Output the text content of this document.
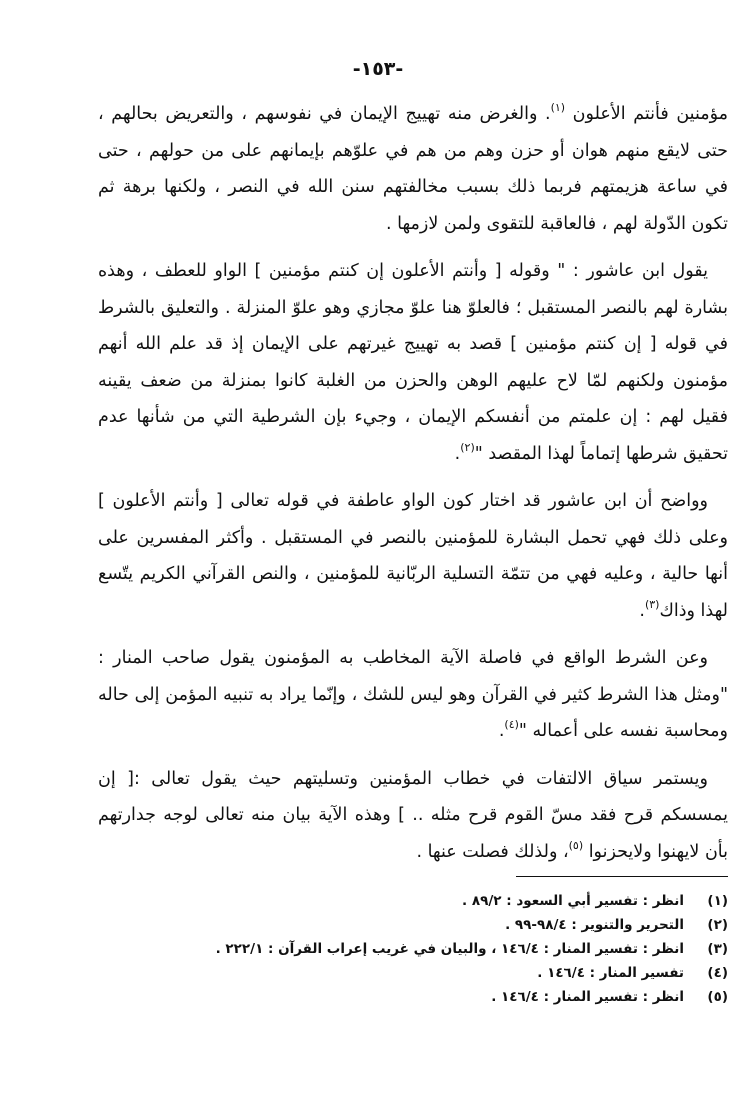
-١٥٣-

مؤمنين فأنتم الأعلون $^{(١)}$. والغرض منه تهييج الإيمان في نفوسهم ، والتعريض بحالهم ، حتى لايقع منهم هوان أو حزن وهم من هم في علوّهم بإيمانهم على من حولهم ، حتى في ساعة هزيمتهم فربما ذلك بسبب مخالفتهم سنن الله في النصر ، ولكنها برهة ثم تكون الدّولة لهم ، فالعاقبة للتقوى ولمن لازمها .

يقول ابن عاشور : " وقوله [ وأنتم الأعلون إن كنتم مؤمنين ] الواو للعطف ، وهذه بشارة لهم بالنصر المستقبل ؛ فالعلوّ هنا علوّ مجازي وهو علوّ المنزلة . والتعليق بالشرط في قوله [ إن كنتم مؤمنين ] قصد به تهييج غيرتهم على الإيمان إذ قد علم الله أنهم مؤمنون ولكنهم لمّا لاح عليهم الوهن والحزن من الغلبة كانوا بمنزلة من ضعف يقينه فقيل لهم : إن علمتم من أنفسكم الإيمان ، وجيء بإن الشرطية التي من شأنها عدم تحقيق شرطها إتماماً لهذا المقصد "$^{(٢)}$.

وواضح أن ابن عاشور قد اختار كون الواو عاطفة في قوله تعالى [ وأنتم الأعلون ] وعلى ذلك فهي تحمل البشارة للمؤمنين بالنصر في المستقبل . وأكثر المفسرين على أنها حالية ، وعليه فهي من تتمّة التسلية الربّانية للمؤمنين ، والنص القرآني الكريم يتّسع لهذا وذاك$^{(٣)}$.

وعن الشرط الواقع في فاصلة الآية المخاطب به المؤمنون يقول صاحب المنار : "ومثل هذا الشرط كثير في القرآن وهو ليس للشك ، وإنّما يراد به تنبيه المؤمن إلى حاله ومحاسبة نفسه على أعماله "$^{(٤)}$.

ويستمر سياق الالتفات في خطاب المؤمنين وتسليتهم حيث يقول تعالى :[ إن يمسسكم قرح فقد مسّ القوم قرح مثله .. ] وهذه الآية بيان منه تعالى لوجه جدارتهم بأن لايهنوا ولايحزنوا $^{(٥)}$، ولذلك فصلت عنها .

(١)
انظر : تفسير أبي السعود : ٨٩/٢ .
(٢)
التحرير والتنوير : ٩٨/٤-٩٩ .
(٣)
انظر : تفسير المنار : ١٤٦/٤ ، والبيان في غريب إعراب القرآن : ٢٢٢/١ .
(٤)
تفسير المنار : ١٤٦/٤ .
(٥)
انظر : تفسير المنار : ١٤٦/٤ .
